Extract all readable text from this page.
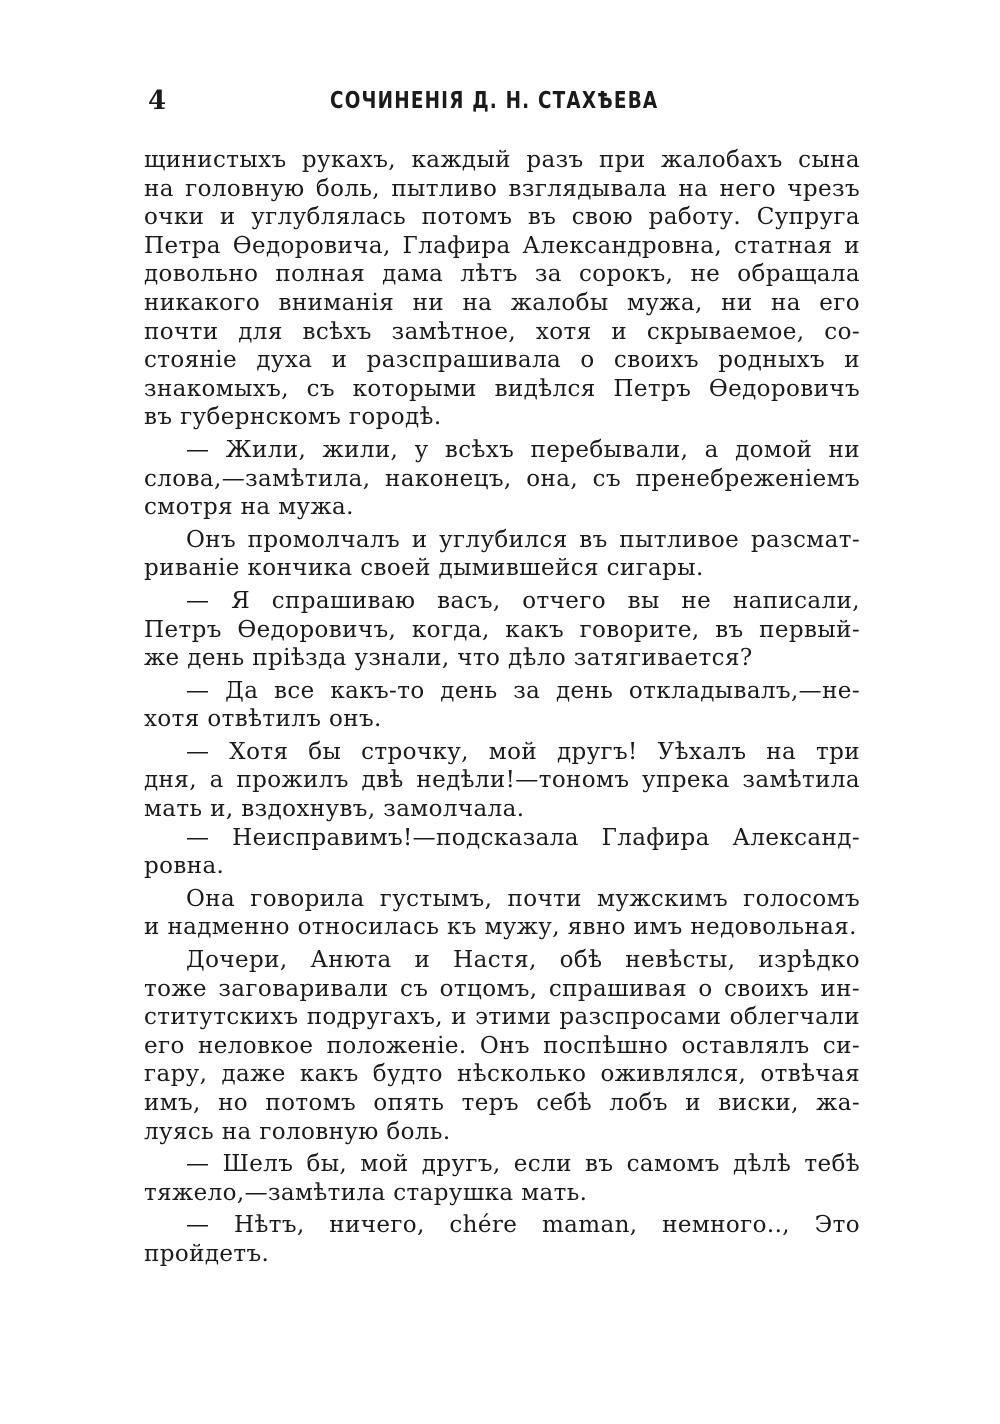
4	СОЧИНЕНІЯ Д. Н. СТАХѢЕВА
щинистыхъ рукахъ, каждый разъ при жалобахъ сына
на головную боль, пытливо взглядывала на него чрезъ
очки и углублялась потомъ въ свою работу. Супруга
Петра Ѳедоровича, Глафира Александровна, статная и
довольно полная дама лѣтъ за сорокъ, не обращала
никакого вниманія ни на жалобы мужа, ни на его
почти для всѣхъ замѣтное, хотя и скрываемое, со-
стояніе духа и разспрашивала о своихъ родныхъ и
знакомыхъ, съ которыми видѣлся Петръ Ѳедоровичъ
въ губернскомъ городѣ.
— Жили, жили, у всѣхъ перебывали, а домой ни
слова,—замѣтила, наконецъ, она, съ пренебреженіемъ
смотря на мужа.
Онъ промолчалъ и углубился въ пытливое разсмат-
риваніе кончика своей дымившейся сигары.
— Я спрашиваю васъ, отчего вы не написали,
Петръ Ѳедоровичъ, когда, какъ говорите, въ первый-
же день пріѣзда узнали, что дѣло затягивается?
— Да все какъ-то день за день откладывалъ,—не-
хотя отвѣтилъ онъ.
— Хотя бы строчку, мой другъ! Уѣхалъ на три
дня, а прожилъ двѣ недѣли!—тономъ упрека замѣтила
мать и, вздохнувъ, замолчала.
— Неисправимъ!—подсказала Глафира Александ-
ровна.
Она говорила густымъ, почти мужскимъ голосомъ
и надменно относилась къ мужу, явно имъ недовольная.
Дочери, Анюта и Настя, обѣ невѣсты, изрѣдко
тоже заговаривали съ отцомъ, спрашивая о своихъ ин-
ститутскихъ подругахъ, и этими разспросами облегчали
его неловкое положеніе. Онъ поспѣшно оставлялъ си-
гару, даже какъ будто нѣсколько оживлялся, отвѣчая
имъ, но потомъ опять теръ себѣ лобъ и виски, жа-
луясь на головную боль.
— Шелъ бы, мой другъ, если въ самомъ дѣлѣ тебѣ
тяжело,—замѣтила старушка мать.
— Нѣтъ, ничего, chére maman, немного.., Это
пройдетъ.
